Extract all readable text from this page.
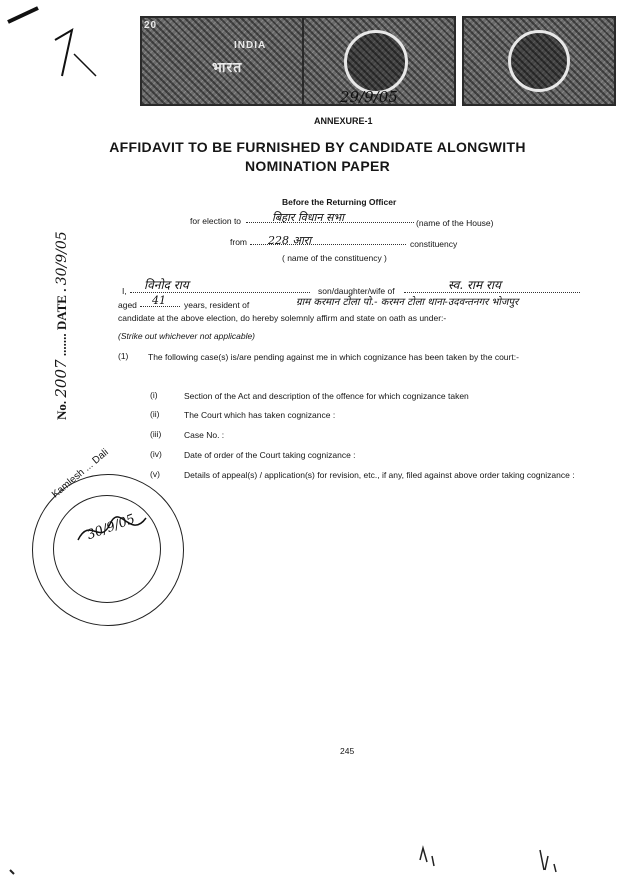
20
INDIA
भारत
29/9/05
ANNEXURE-1
AFFIDAVIT TO BE FURNISHED BY CANDIDATE ALONGWITH
NOMINATION PAPER
Before the Returning Officer
for election to	बिहार विधान सभा	(name of the House)
from 228 आरा	constituency
( name of the constituency )
I, विनोद राय	son/daughter/wife of	स्व. राम राय
aged 41 years, resident of	ग्राम करमान टोला पो.- करमन टोला थाना-उदवन्तनगर भोजपुर
candidate at the above election, do hereby solemnly affirm and state on oath as under:-
(Strike out whichever not applicable)
(1) The following case(s) is/are pending against me in which cognizance has been taken by the court:-
(i)	Section of the Act and description of the offence for which cognizance taken
(ii)	The Court which has taken cognizance :
(iii)	Case No. :
(iv)	Date of order of the Court taking cognizance :
(v)	Details of appeal(s) / application(s) for revision, etc., if any, filed against above order taking cognizance :
No. 2007 ....... DATE . 30/9/05
Kamlesh ... Dali
30/9/05
245
